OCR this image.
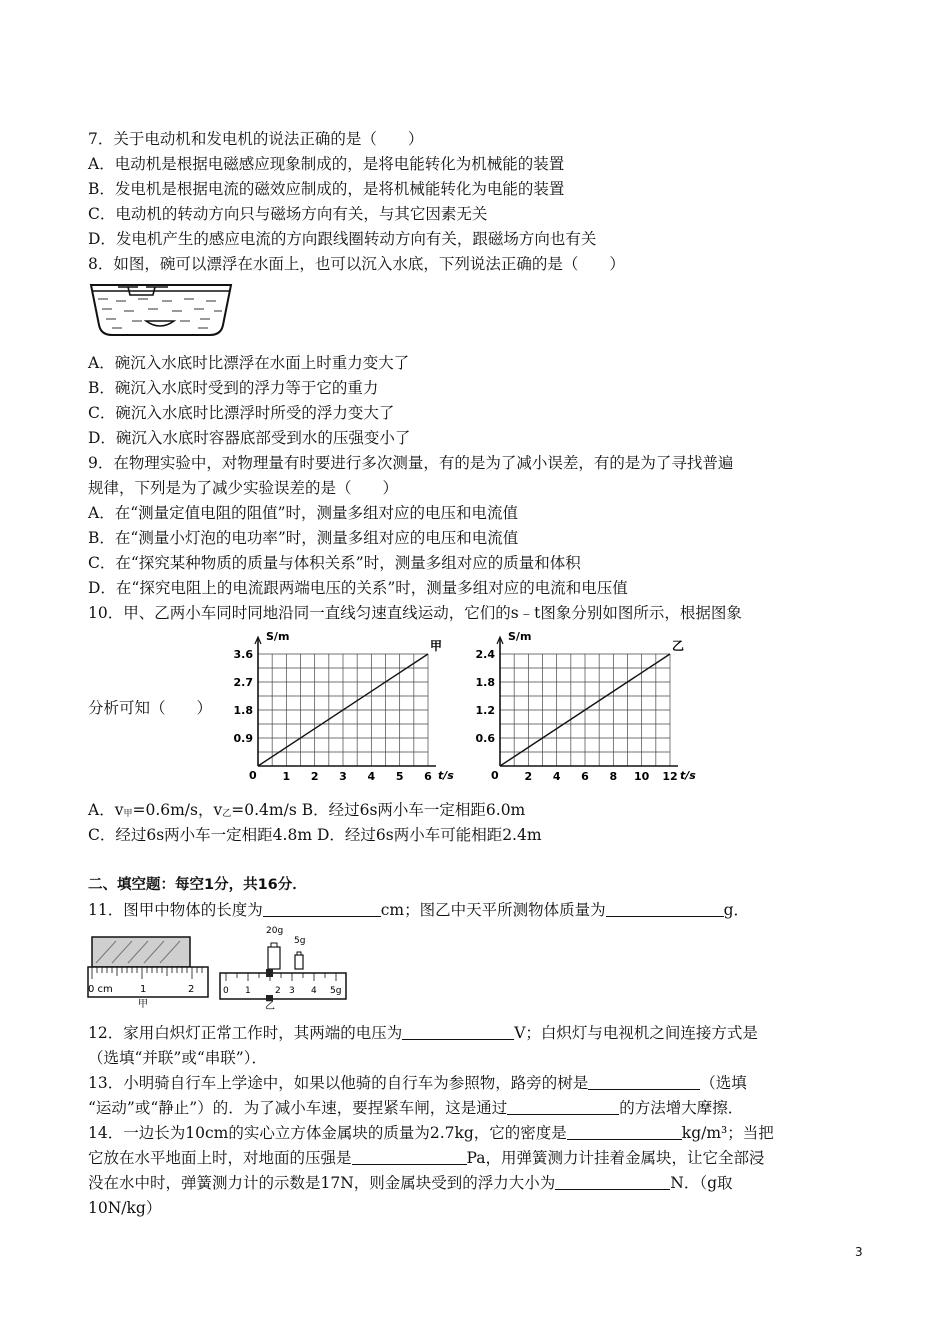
7．关于电动机和发电机的说法正确的是（　　）
A．电动机是根据电磁感应现象制成的，是将电能转化为机械能的装置
B．发电机是根据电流的磁效应制成的，是将机械能转化为电能的装置
C．电动机的转动方向只与磁场方向有关，与其它因素无关
D．发电机产生的感应电流的方向跟线圈转动方向有关，跟磁场方向也有关
8．如图，碗可以漂浮在水面上，也可以沉入水底，下列说法正确的是（　　）
A．碗沉入水底时比漂浮在水面上时重力变大了
B．碗沉入水底时受到的浮力等于它的重力
C．碗沉入水底时比漂浮时所受的浮力变大了
D．碗沉入水底时容器底部受到水的压强变小了
9．在物理实验中，对物理量有时要进行多次测量，有的是为了减小误差，有的是为了寻找普遍
规律，下列是为了减少实验误差的是（　　）
A．在“测量定值电阻的阻值”时，测量多组对应的电压和电流值
B．在“测量小灯泡的电功率”时，测量多组对应的电压和电流值
C．在“探究某种物质的质量与体积关系”时，测量多组对应的质量和体积
D．在“探究电阻上的电流跟两端电压的关系”时，测量多组对应的电流和电压值
10．甲、乙两小车同时同地沿同一直线匀速直线运动，它们的s﹣t图象分别如图所示，根据图象
分析可知（　　）
S/m
t/s
0 1 2 3 4 5 6
0.9
1.8
2.7
3.6
甲
S/m
t/s
0 2 4 6 8 10 12
0.6
1.2
1.8
2.4
乙
A．$v_甲=0.6m/s$，$v_乙=0.4m/s$ B．经过6s两小车一定相距6.0m
C．经过6s两小车一定相距4.8m D．经过6s两小车可能相距2.4m
二、填空题：每空1分，共16分．
11．图甲中物体的长度为	cm；图乙中天平所测物体质量为	g．
0 cm	1	2
甲
20g
5g
0 1	2 3 4 5g
乙
12．家用白炽灯正常工作时，其两端的电压为	V；白炽灯与电视机之间连接方式是
（选填“并联”或“串联”）．
13．小明骑自行车上学途中，如果以他骑的自行车为参照物，路旁的树是	（选填
“运动”或“静止”）的．为了减小车速，要捏紧车闸，这是通过	的方法增大摩擦．
14．一边长为10cm的实心立方体金属块的质量为2.7kg，它的密度是	kg/m³；当把
它放在水平地面上时，对地面的压强是	Pa，用弹簧测力计挂着金属块，让它全部浸
没在水中时，弹簧测力计的示数是17N，则金属块受到的浮力大小为	N．（g取
10N/kg）
3
